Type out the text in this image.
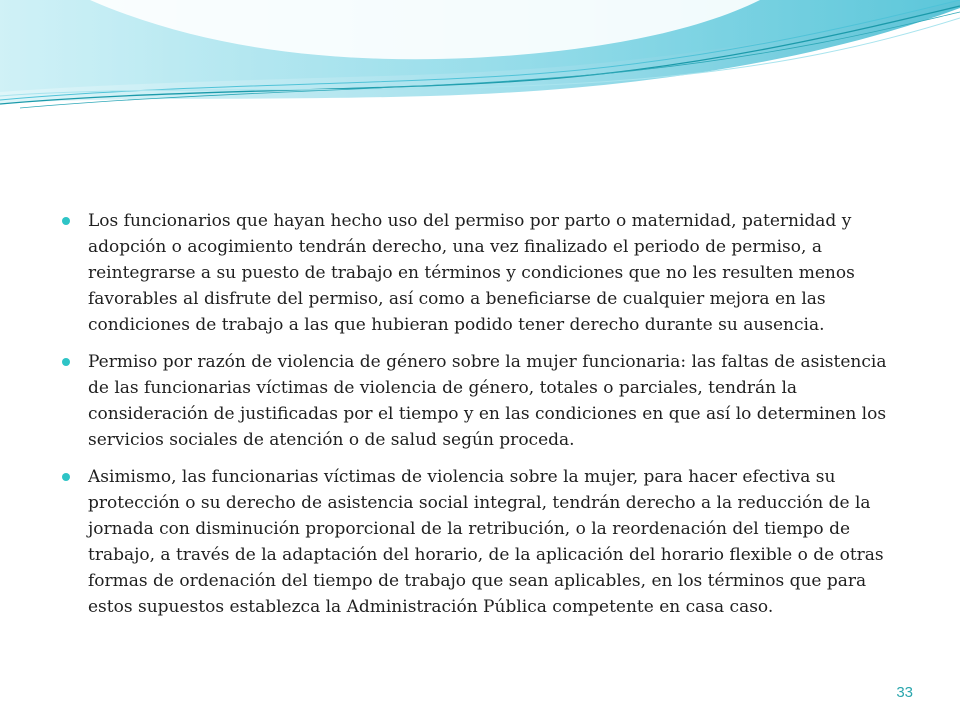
Los funcionarios que hayan hecho uso del permiso por parto o maternidad, paternidad y adopción o acogimiento tendrán derecho, una vez finalizado el periodo de permiso, a reintegrarse a su puesto de trabajo en términos y condiciones que no les resulten menos favorables al disfrute del permiso, así como a beneficiarse de cualquier mejora en las condiciones de trabajo a las que hubieran podido tener derecho durante su ausencia.

Permiso por razón de violencia de género sobre la mujer funcionaria: las faltas de asistencia de las funcionarias víctimas de violencia de género, totales o parciales, tendrán la consideración de justificadas por el tiempo y en las condiciones en que así lo determinen los servicios sociales de atención o de salud según proceda.

Asimismo, las funcionarias víctimas de violencia sobre la mujer, para hacer efectiva su protección o su derecho de asistencia social integral, tendrán derecho a la reducción de la jornada con disminución proporcional de la retribución, o la reordenación del tiempo de trabajo, a través de la adaptación del horario, de la aplicación del horario flexible o de otras formas de ordenación del tiempo de trabajo que sean aplicables, en los términos que para estos supuestos establezca la Administración Pública competente en casa caso.

33
